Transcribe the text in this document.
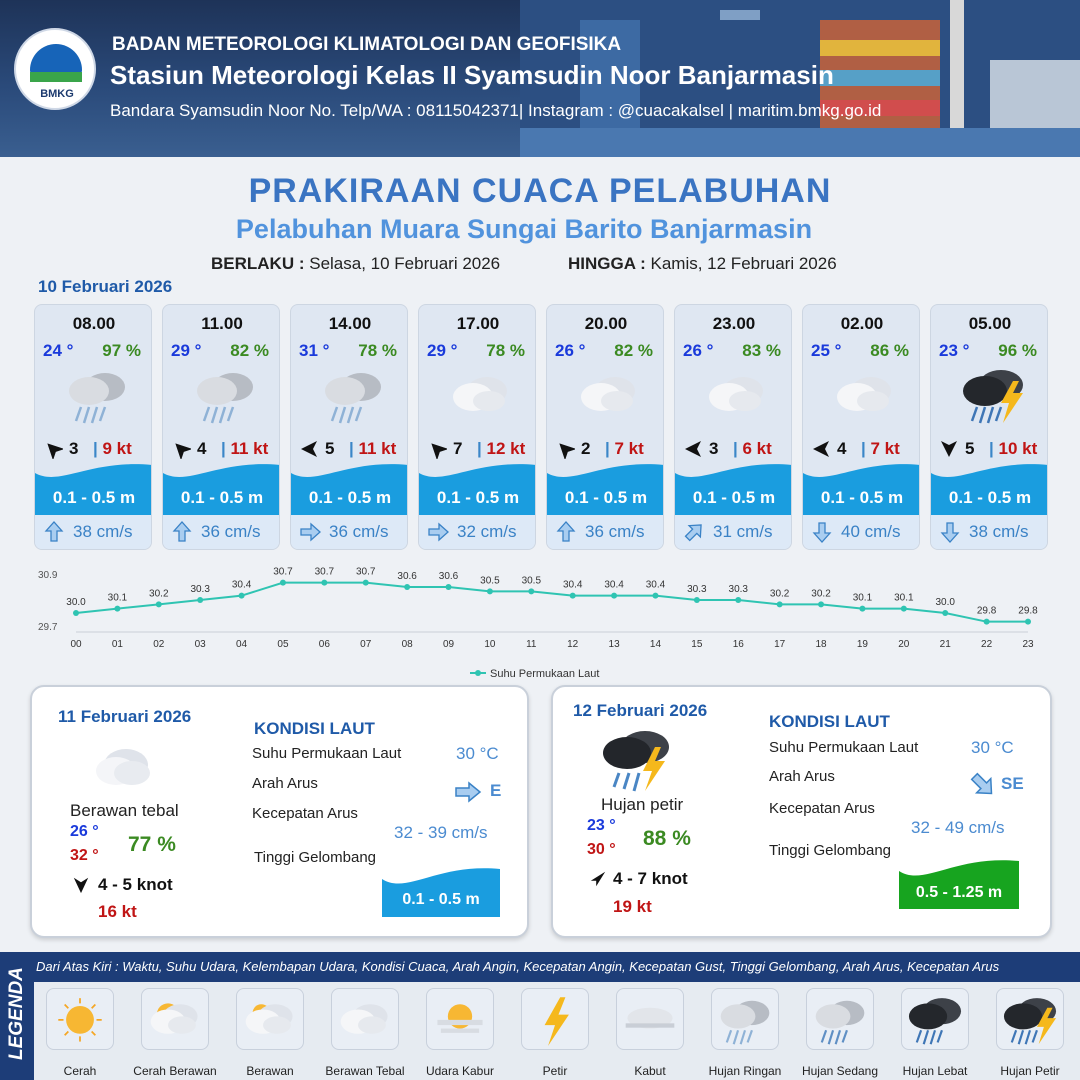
BMKG
BADAN METEOROLOGI KLIMATOLOGI DAN GEOFISIKA
Stasiun Meteorologi Kelas II Syamsudin Noor Banjarmasin
Bandara Syamsudin Noor No. Telp/WA : 08115042371| Instagram : @cuacakalsel | maritim.bmkg.go.id
PRAKIRAAN CUACA PELABUHAN
Pelabuhan Muara Sungai Barito Banjarmasin
BERLAKU : Selasa, 10 Februari 2026	HINGGA : Kamis, 12 Februari 2026
10 Februari 2026
08.00
24 ° 97 %
3 | 9 kt
0.1 - 0.5 m
38 cm/s
11.00
29 ° 82 %
4 | 11 kt
0.1 - 0.5 m
36 cm/s
14.00
31 ° 78 %
5 | 11 kt
0.1 - 0.5 m
36 cm/s
17.00
29 ° 78 %
7 | 12 kt
0.1 - 0.5 m
32 cm/s
20.00
26 ° 82 %
2 | 7 kt
0.1 - 0.5 m
36 cm/s
23.00
26 ° 83 %
3 | 6 kt
0.1 - 0.5 m
31 cm/s
02.00
25 ° 86 %
4 | 7 kt
0.1 - 0.5 m
40 cm/s
05.00
23 ° 96 %
5 | 10 kt
0.1 - 0.5 m
38 cm/s
30.9
29.7
30.0
00
30.1
01
30.2
02
30.3
03
30.4
04
30.7
05
30.7
06
30.7
07
30.6
08
30.6
09
30.5
10
30.5
11
30.4
12
30.4
13
30.4
14
30.3
15
30.3
16
30.2
17
30.2
18
30.1
19
30.1
20
30.0
21
29.8
22
29.8
23
Suhu Permukaan Laut
11 Februari 2026
Berawan tebal
26 °
32 ° 77 %
4 - 5 knot
16 kt
KONDISI LAUT
Suhu Permukaan Laut	30 °C
Arah Arus	E
Kecepatan Arus
32 - 39 cm/s
Tinggi Gelombang
0.1 - 0.5 m
12 Februari 2026
Hujan petir
23 °
30 ° 88 %
4 - 7 knot
19 kt
KONDISI LAUT
Suhu Permukaan Laut	30 °C
Arah Arus	SE
Kecepatan Arus
32 - 49 cm/s
Tinggi Gelombang
0.5 - 1.25 m
LEGENDA
Dari Atas Kiri : Waktu, Suhu Udara, Kelembapan Udara, Kondisi Cuaca, Arah Angin, Kecepatan Angin, Kecepatan Gust, Tinggi Gelombang, Arah Arus, Kecepatan Arus
Cerah	Cerah Berawan	Berawan	Berawan Tebal	Udara Kabur	Petir	Kabut	Hujan Ringan	Hujan Sedang	Hujan Lebat	Hujan Petir
